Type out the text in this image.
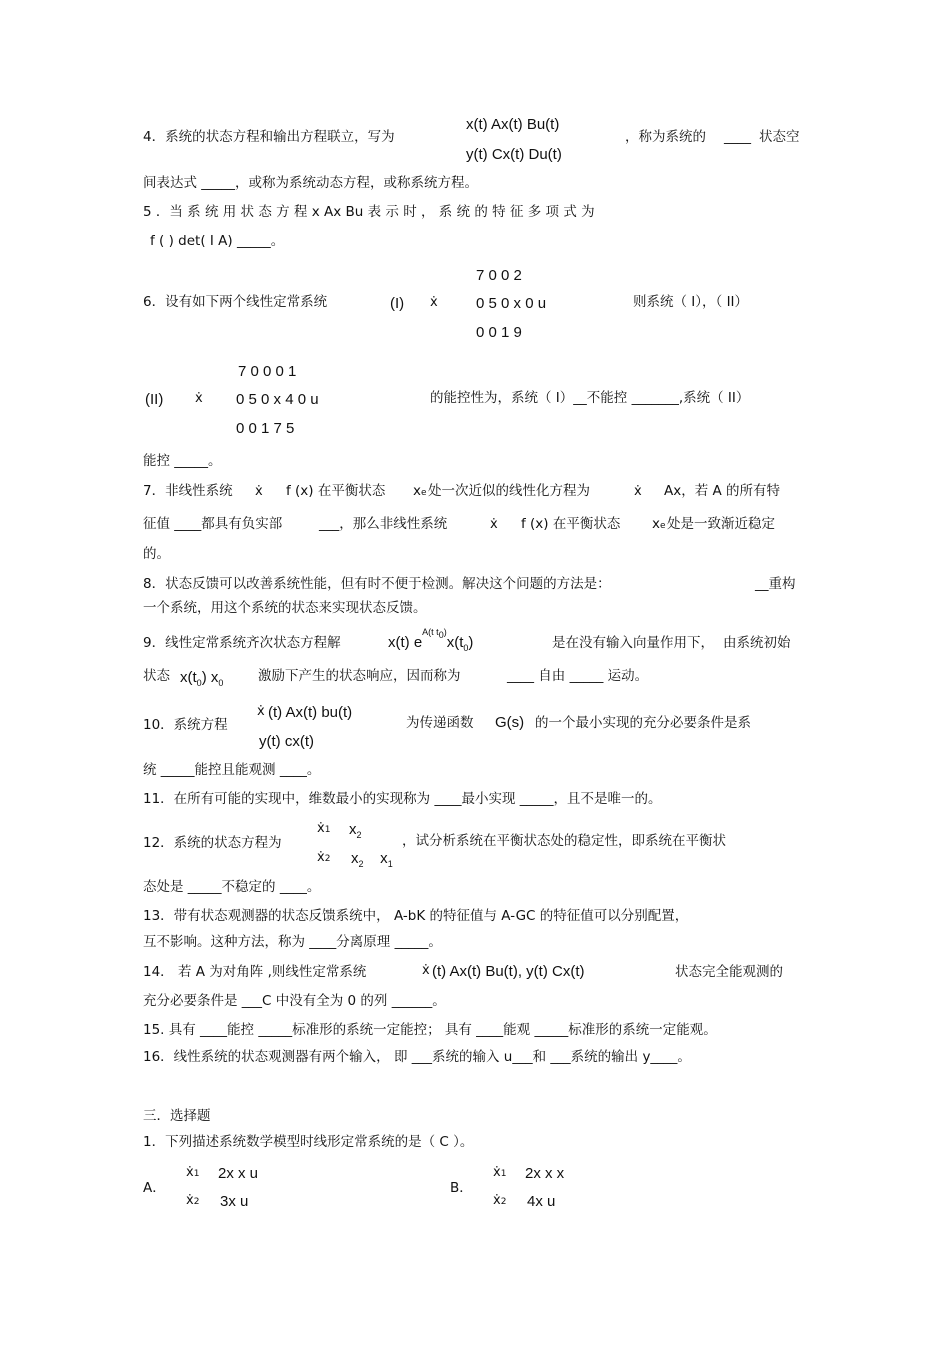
4．系统的状态方程和输出方程联立，写为
x(t) Ax(t) Bu(t)
y(t) Cx(t) Du(t)
，称为系统的 ____ 状态空
间表达式 _____，或称为系统动态方程，或称系统方程。
5 ．当 系 统 用 状 态 方 程 x Ax Bu 表 示 时 ， 系 统 的 特 征 多 项 式 为
f ( ) det( I A) _____。
6．设有如下两个线性定常系统	(I) ẋ
7 0 0 2
0 5 0 x 0 u
0 0 1 9
则系统（ I），（ II）
(II) ẋ
7 0 0 0 1
0 5 0 x 4 0 u
0 0 1 7 5
的能控性为，系统（ I）__不能控 _______,系统（ II）
能控 _____。
7．非线性系统 ẋ f (x) 在平衡状态 xe 处一次近似的线性化方程为	ẋ Ax，若 A 的所有特
征值 ____都具有负实部	___，那么非线性系统	ẋ f (x) 在平衡状态 xe 处是一致渐近稳定
的。
8．状态反馈可以改善系统性能，但有时不便于检测。解决这个问题的方法是：	__重构
一个系统，用这个系统的状态来实现状态反馈。
9．线性定常系统齐次状态方程解	x(t) $e^{A(t t0)}x(t_0)$	是在没有输入向量作用下， 由系统初始
状态 $x(t_0)$ $x_0$	激励下产生的状态响应，因而称为	____ 自由 _____ 运动。
10．系统方程
ẋ (t) Ax(t) bu(t)
y(t) cx(t)
为传递函数 G(s) 的一个最小实现的充分必要条件是系
统 _____能控且能观测 ____。
11．在所有可能的实现中，维数最小的实现称为 ____最小实现 _____，且不是唯一的。
12．系统的状态方程为
ẋ1 $x_2$
ẋ2 $x_2$    $x_1$
，试分析系统在平衡状态处的稳定性，即系统在平衡状
态处是 _____不稳定的 ____。
13．带有状态观测器的状态反馈系统中， A-bK 的特征值与 A-GC 的特征值可以分别配置，
互不影响。这种方法，称为 ____分离原理 _____。
14． 若 A 为对角阵 ,则线性定常系统	ẋ (t) Ax(t) Bu(t), y(t) Cx(t)	状态完全能观测的
充分必要条件是 ___C 中没有全为 0 的列 ______。
15. 具有 ____能控 _____标准形的系统一定能控； 具有 ____能观 _____标准形的系统一定能观。
16．线性系统的状态观测器有两个输入， 即 ___系统的输入 u___和 ___系统的输出 y____。
三．选择题
1．下列描述系统数学模型时线形定常系统的是（ C ）。
A．
ẋ1 2x x u
ẋ2 3x u
B．
ẋ1 2x x x
ẋ2 4x u
